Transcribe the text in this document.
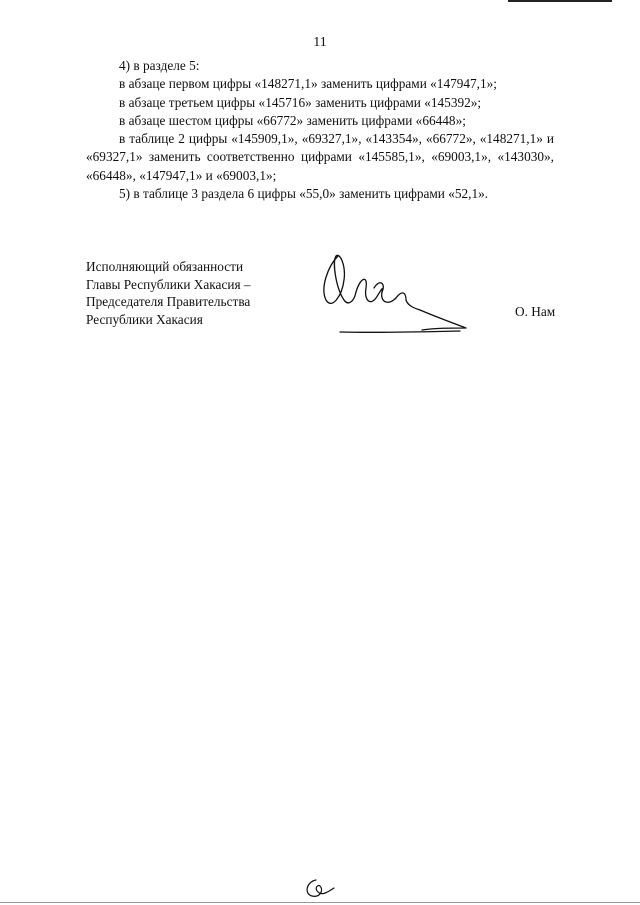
11

4) в разделе 5:

в абзаце первом цифры «148271,1» заменить цифрами «147947,1»;

в абзаце третьем цифры «145716» заменить цифрами «145392»;

в абзаце шестом цифры «66772» заменить цифрами «66448»;

в таблице 2 цифры «145909,1», «69327,1», «143354», «66772», «148271,1» и «69327,1» заменить соответственно цифрами «145585,1», «69003,1», «143030», «66448», «147947,1» и «69003,1»;

5) в таблице 3 раздела 6 цифры «55,0» заменить цифрами «52,1».

Исполняющий обязанности
Главы Республики Хакасия –
Председателя Правительства
Республики Хакасия	О. Нам
